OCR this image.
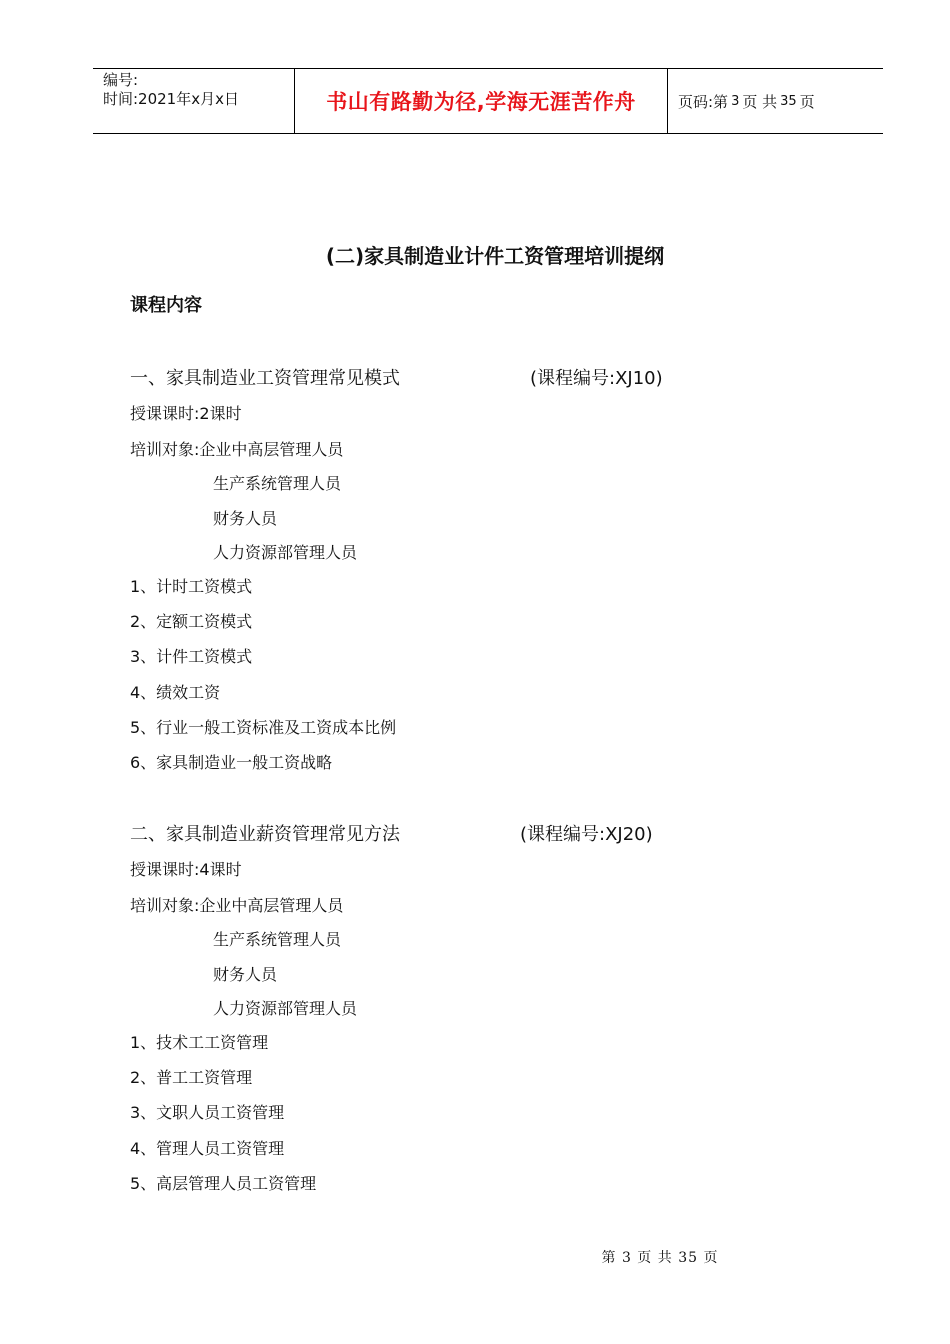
编号:
时间:2021年x月x日	书山有路勤为径,学海无涯苦作舟	页码:第 3 页 共 35 页
(二)家具制造业计件工资管理培训提纲
课程内容
一、家具制造业工资管理常见模式	(课程编号:XJ10)
授课课时:2课时
培训对象:企业中高层管理人员
生产系统管理人员
财务人员
人力资源部管理人员
1、计时工资模式
2、定额工资模式
3、计件工资模式
4、绩效工资
5、行业一般工资标准及工资成本比例
6、家具制造业一般工资战略
二、家具制造业薪资管理常见方法	(课程编号:XJ20)
授课课时:4课时
培训对象:企业中高层管理人员
生产系统管理人员
财务人员
人力资源部管理人员
1、技术工工资管理
2、普工工资管理
3、文职人员工资管理
4、管理人员工资管理
5、高层管理人员工资管理
第 3 页 共 35 页
